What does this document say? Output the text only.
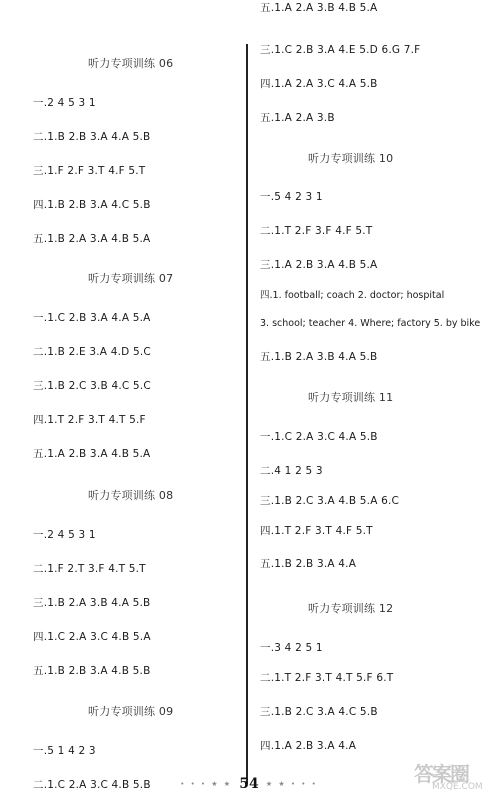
听力专项训练 06
一.2 4 5 3 1
二.1.B 2.B 3.A 4.A 5.B
三.1.F 2.F 3.T 4.F 5.T
四.1.B 2.B 3.A 4.C 5.B
五.1.B 2.A 3.A 4.B 5.A
听力专项训练 07
一.1.C 2.B 3.A 4.A 5.A
二.1.B 2.E 3.A 4.D 5.C
三.1.B 2.C 3.B 4.C 5.C
四.1.T 2.F 3.T 4.T 5.F
五.1.A 2.B 3.A 4.B 5.A
听力专项训练 08
一.2 4 5 3 1
二.1.F 2.T 3.F 4.T 5.T
三.1.B 2.A 3.B 4.A 5.B
四.1.C 2.A 3.C 4.B 5.A
五.1.B 2.B 3.A 4.B 5.B
听力专项训练 09
一.5 1 4 2 3
二.1.C 2.A 3.C 4.B 5.B
三.1.C 2.B 3.A 4.E 5.D 6.G 7.F
四.1.A 2.A 3.C 4.A 5.B
五.1.A 2.A 3.B
听力专项训练 10
一.5 4 2 3 1
二.1.T 2.F 3.F 4.F 5.T
三.1.A 2.B 3.A 4.B 5.A
四.1. football; coach 2. doctor; hospital
3. school; teacher 4. Where; factory 5. by bike
五.1.B 2.A 3.B 4.A 5.B
听力专项训练 11
一.1.C 2.A 3.C 4.A 5.B
二.4 1 2 5 3
三.1.B 2.C 3.A 4.B 5.A 6.C
四.1.T 2.F 3.T 4.F 5.T
五.1.B 2.B 3.A 4.A
听力专项训练 12
一.3 4 2 5 1
二.1.T 2.F 3.T 4.T 5.F 6.T
三.1.B 2.C 3.A 4.C 5.B
四.1.A 2.B 3.A 4.A
五.1.A 2.A 3.B 4.B 5.A
• • • ★ ★ 54 ★ ★ • • •	答案圈
MXQE.COM
